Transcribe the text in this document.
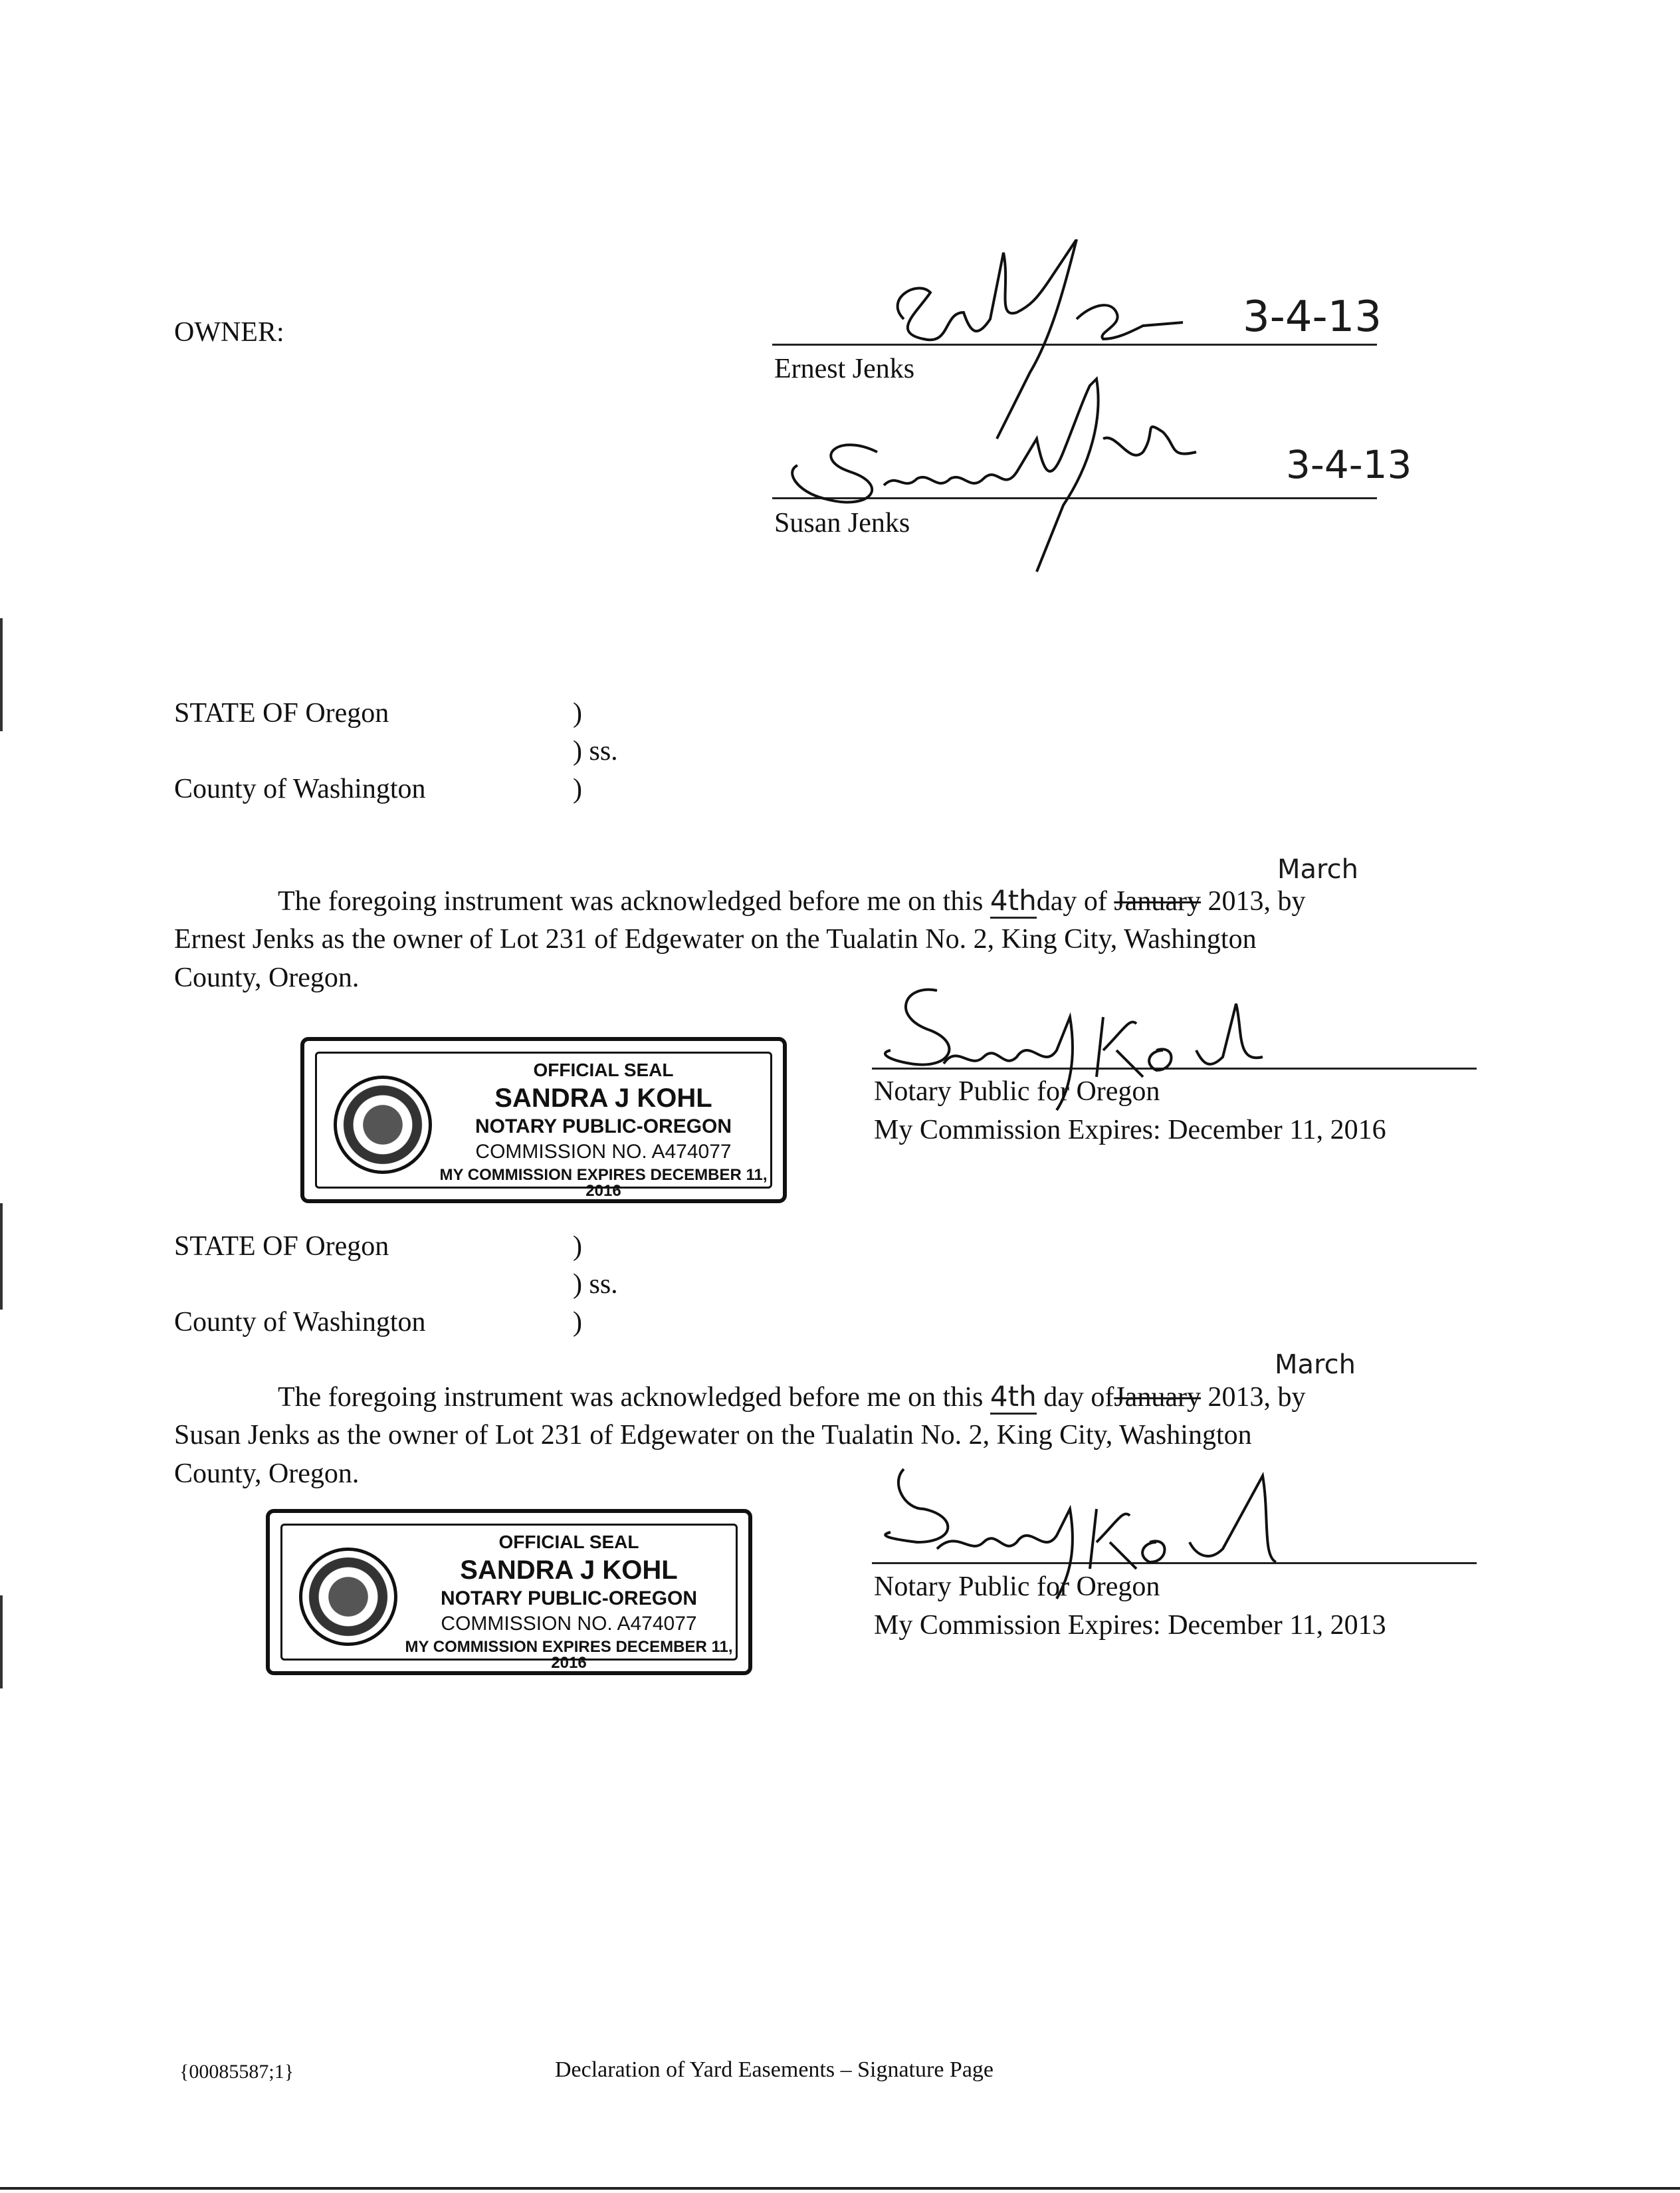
OWNER:	3-4-13
Ernest Jenks
3-4-13
Susan Jenks
STATE OF Oregon	)
) ss.
County of Washington	)
The foregoing instrument was acknowledged before me on this 4thday of January 2013, by
March
Ernest Jenks as the owner of Lot 231 of Edgewater on the Tualatin No. 2, King City, Washington
County, Oregon.
OFFICIAL SEAL
SANDRA J KOHL
NOTARY PUBLIC-OREGON
COMMISSION NO. A474077
MY COMMISSION EXPIRES DECEMBER 11, 2016
Notary Public for Oregon
My Commission Expires: December 11, 2016
STATE OF Oregon	)
) ss.
County of Washington	)
The foregoing instrument was acknowledged before me on this 4th day ofJanuary 2013, by
March
Susan Jenks as the owner of Lot 231 of Edgewater on the Tualatin No. 2, King City, Washington
County, Oregon.
OFFICIAL SEAL
SANDRA J KOHL
NOTARY PUBLIC-OREGON
COMMISSION NO. A474077
MY COMMISSION EXPIRES DECEMBER 11, 2016
Notary Public for Oregon
My Commission Expires: December 11, 2013
{00085587;1}	Declaration of Yard Easements – Signature Page
